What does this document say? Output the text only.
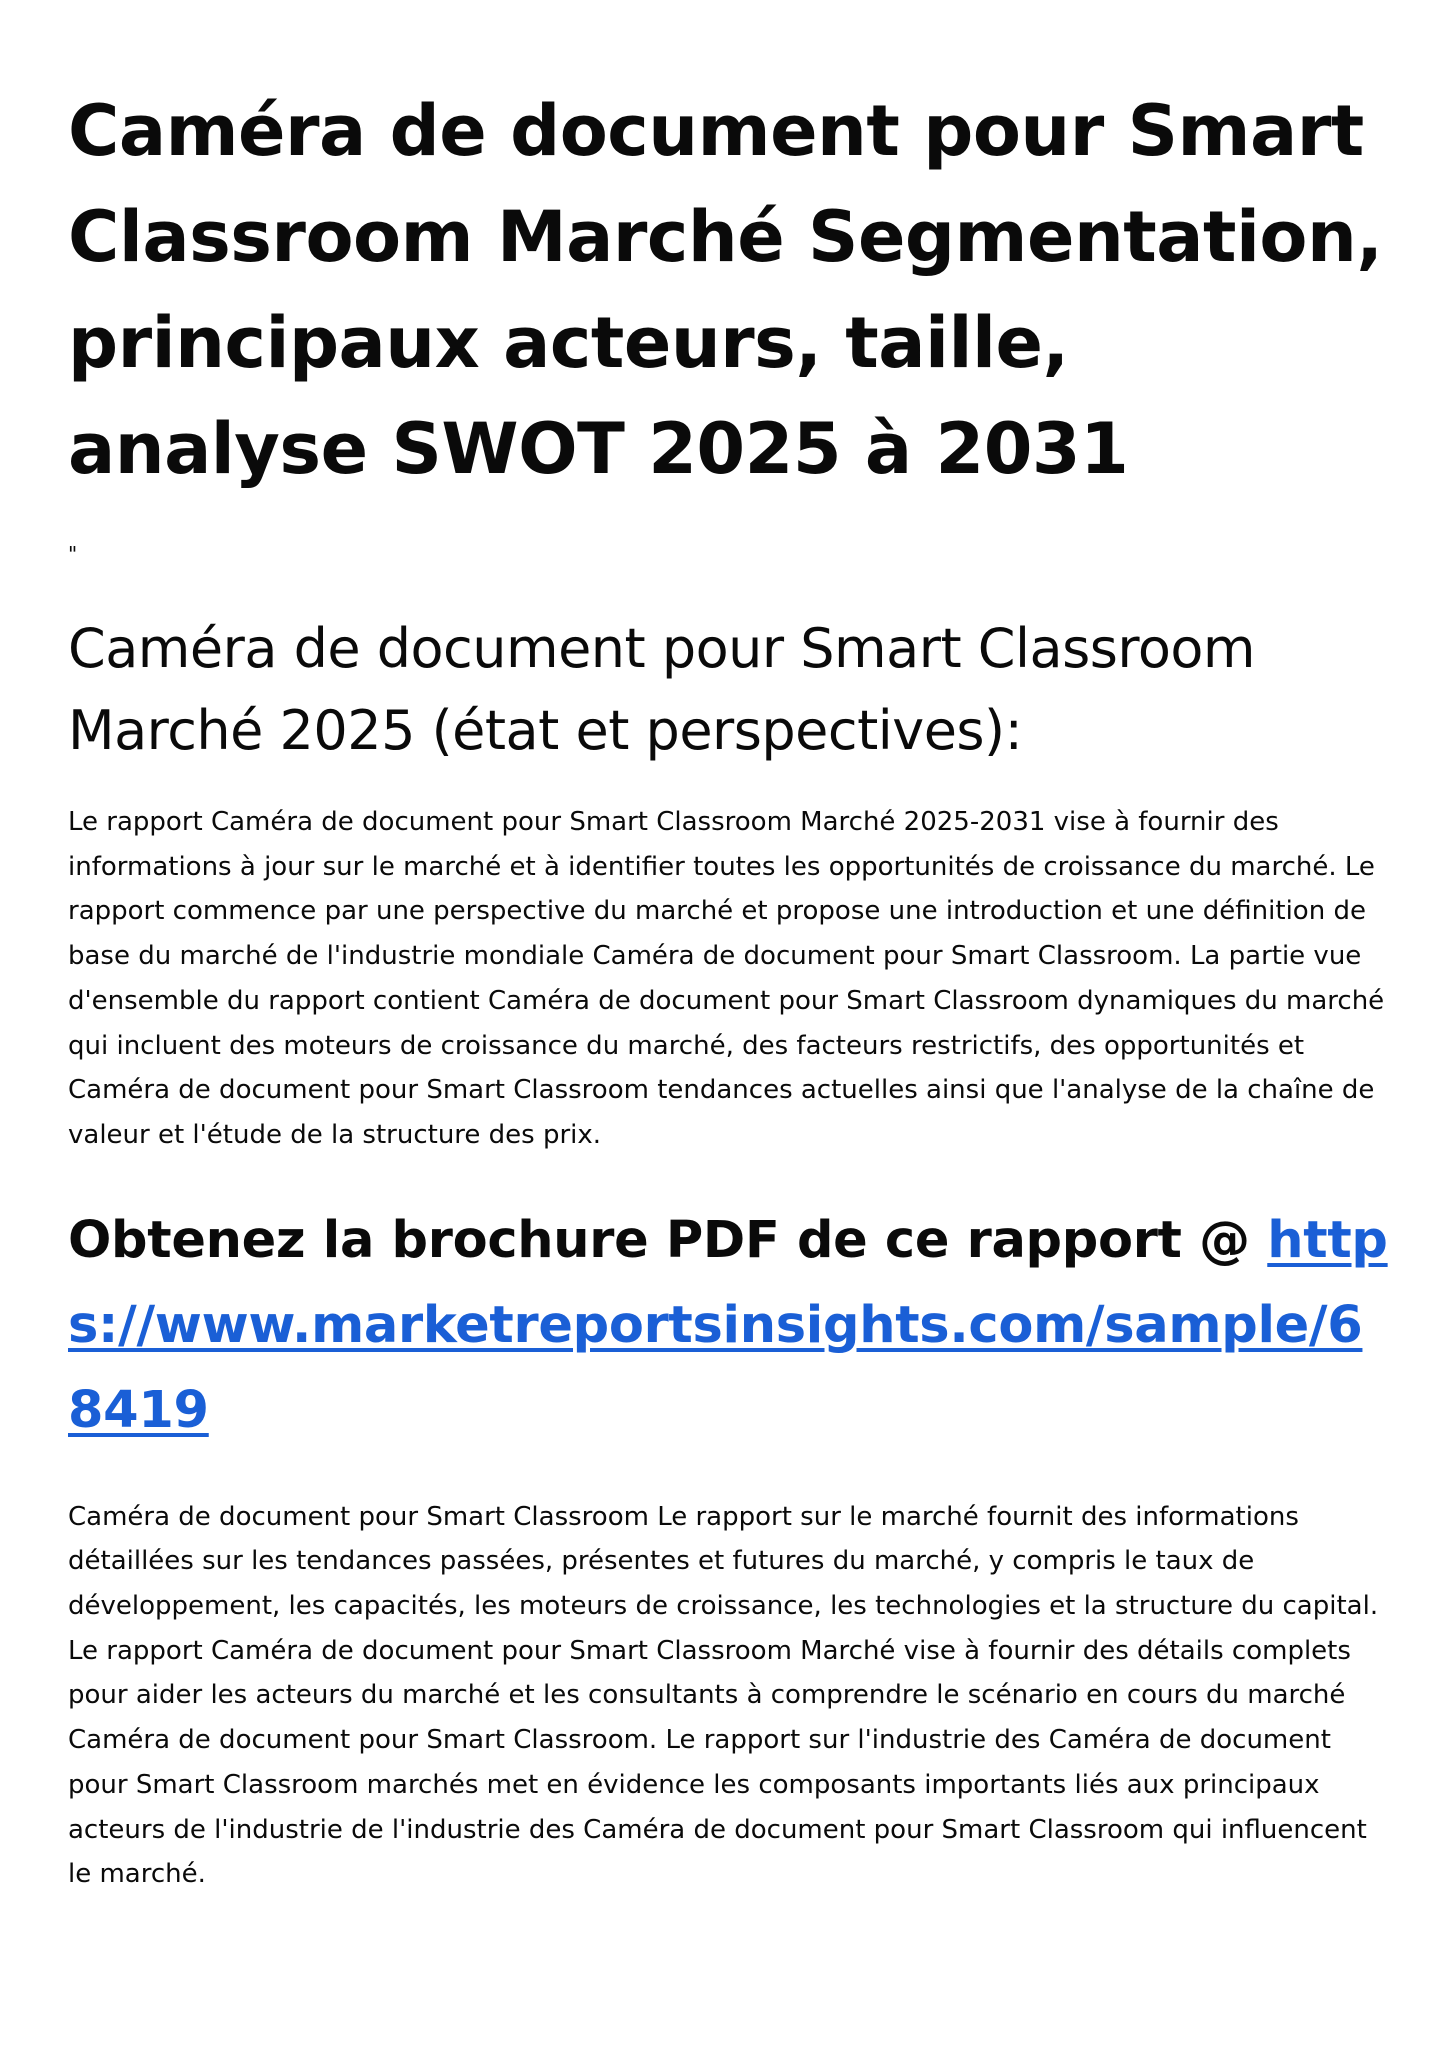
Caméra de document pour Smart Classroom Marché Segmentation, principaux acteurs, taille, analyse SWOT 2025 à 2031
"
Caméra de document pour Smart Classroom Marché 2025 (état et perspectives):

Le rapport Caméra de document pour Smart Classroom Marché 2025-2031 vise à fournir des informations à jour sur le marché et à identifier toutes les opportunités de croissance du marché. Le rapport commence par une perspective du marché et propose une introduction et une définition de base du marché de l'industrie mondiale Caméra de document pour Smart Classroom. La partie vue d'ensemble du rapport contient Caméra de document pour Smart Classroom dynamiques du marché qui incluent des moteurs de croissance du marché, des facteurs restrictifs, des opportunités et Caméra de document pour Smart Classroom tendances actuelles ainsi que l'analyse de la chaîne de valeur et l'étude de la structure des prix.

Obtenez la brochure PDF de ce rapport @ https://www.marketreportsinsights.com/sample/68419

Caméra de document pour Smart Classroom Le rapport sur le marché fournit des informations détaillées sur les tendances passées, présentes et futures du marché, y compris le taux de développement, les capacités, les moteurs de croissance, les technologies et la structure du capital. Le rapport Caméra de document pour Smart Classroom Marché vise à fournir des détails complets pour aider les acteurs du marché et les consultants à comprendre le scénario en cours du marché Caméra de document pour Smart Classroom. Le rapport sur l'industrie des Caméra de document pour Smart Classroom marchés met en évidence les composants importants liés aux principaux acteurs de l'industrie de l'industrie des Caméra de document pour Smart Classroom qui influencent le marché.
